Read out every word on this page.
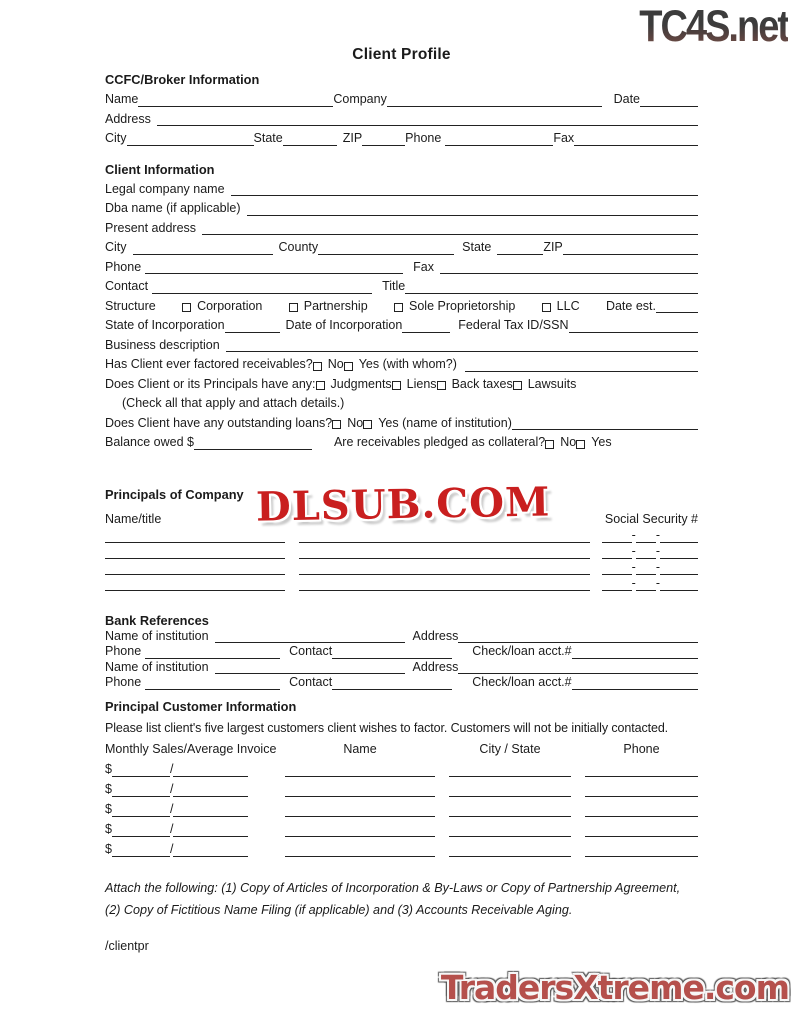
TC4S.net
DLSUB.COM
TradersXtreme.com
Client Profile
CCFC/Broker Information
Name	Company	Date
Address
City	State	ZIP	Phone	Fax
Client Information
Legal company name
Dba name (if applicable)
Present address
City	County	State	ZIP
Phone	Fax
Contact	Title
Structure	Corporation	Partnership	Sole Proprietorship	LLC Date est.
State of Incorporation	Date of Incorporation	Federal Tax ID/SSN
Business description
Has Client ever factored receivables? No Yes (with whom?)
Does Client or its Principals have any: Judgments Liens Back taxes Lawsuits
(Check all that apply and attach details.)
Does Client have any outstanding loans? No Yes (name of institution)
Balance owed $	Are receivables pledged as collateral? No Yes
Principals of Company
Name/title	Social Security #
- -
- -
- -
- -
Bank References
Name of institution	Address
Phone	Contact	Check/loan acct.#
Name of institution	Address
Phone	Contact	Check/loan acct.#
Principal Customer Information
Please list client's five largest customers client wishes to factor. Customers will not be initially contacted.
Monthly Sales/Average Invoice	Name	City / State	Phone
$	/
$	/
$	/
$	/
$	/
Attach the following: (1) Copy of Articles of Incorporation & By-Laws or Copy of Partnership Agreement,
(2) Copy of Fictitious Name Filing (if applicable) and (3) Accounts Receivable Aging.
/clientpr
